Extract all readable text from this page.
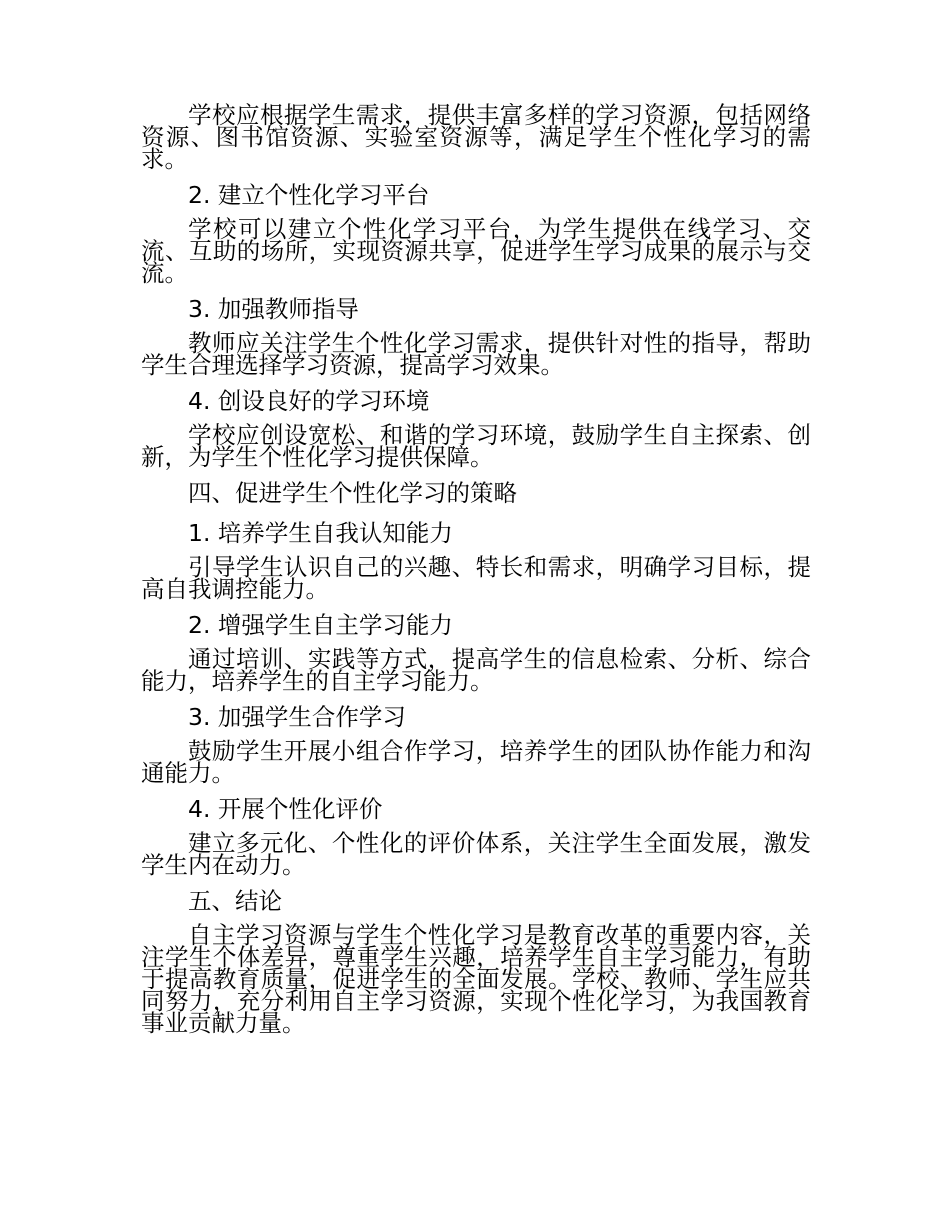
学校应根据学生需求，提供丰富多样的学习资源，包括网络资源、图书馆资源、实验室资源等，满足学生个性化学习的需求。

2. 建立个性化学习平台

学校可以建立个性化学习平台，为学生提供在线学习、交流、互助的场所，实现资源共享，促进学生学习成果的展示与交流。

3. 加强教师指导

教师应关注学生个性化学习需求，提供针对性的指导，帮助学生合理选择学习资源，提高学习效果。

4. 创设良好的学习环境

学校应创设宽松、和谐的学习环境，鼓励学生自主探索、创新，为学生个性化学习提供保障。

四、促进学生个性化学习的策略
1. 培养学生自我认知能力

引导学生认识自己的兴趣、特长和需求，明确学习目标，提高自我调控能力。

2. 增强学生自主学习能力

通过培训、实践等方式，提高学生的信息检索、分析、综合能力，培养学生的自主学习能力。

3. 加强学生合作学习

鼓励学生开展小组合作学习，培养学生的团队协作能力和沟通能力。

4. 开展个性化评价

建立多元化、个性化的评价体系，关注学生全面发展，激发学生内在动力。

五、结论

自主学习资源与学生个性化学习是教育改革的重要内容，关注学生个体差异，尊重学生兴趣，培养学生自主学习能力，有助于提高教育质量，促进学生的全面发展。学校、教师、学生应共同努力，充分利用自主学习资源，实现个性化学习，为我国教育事业贡献力量。
